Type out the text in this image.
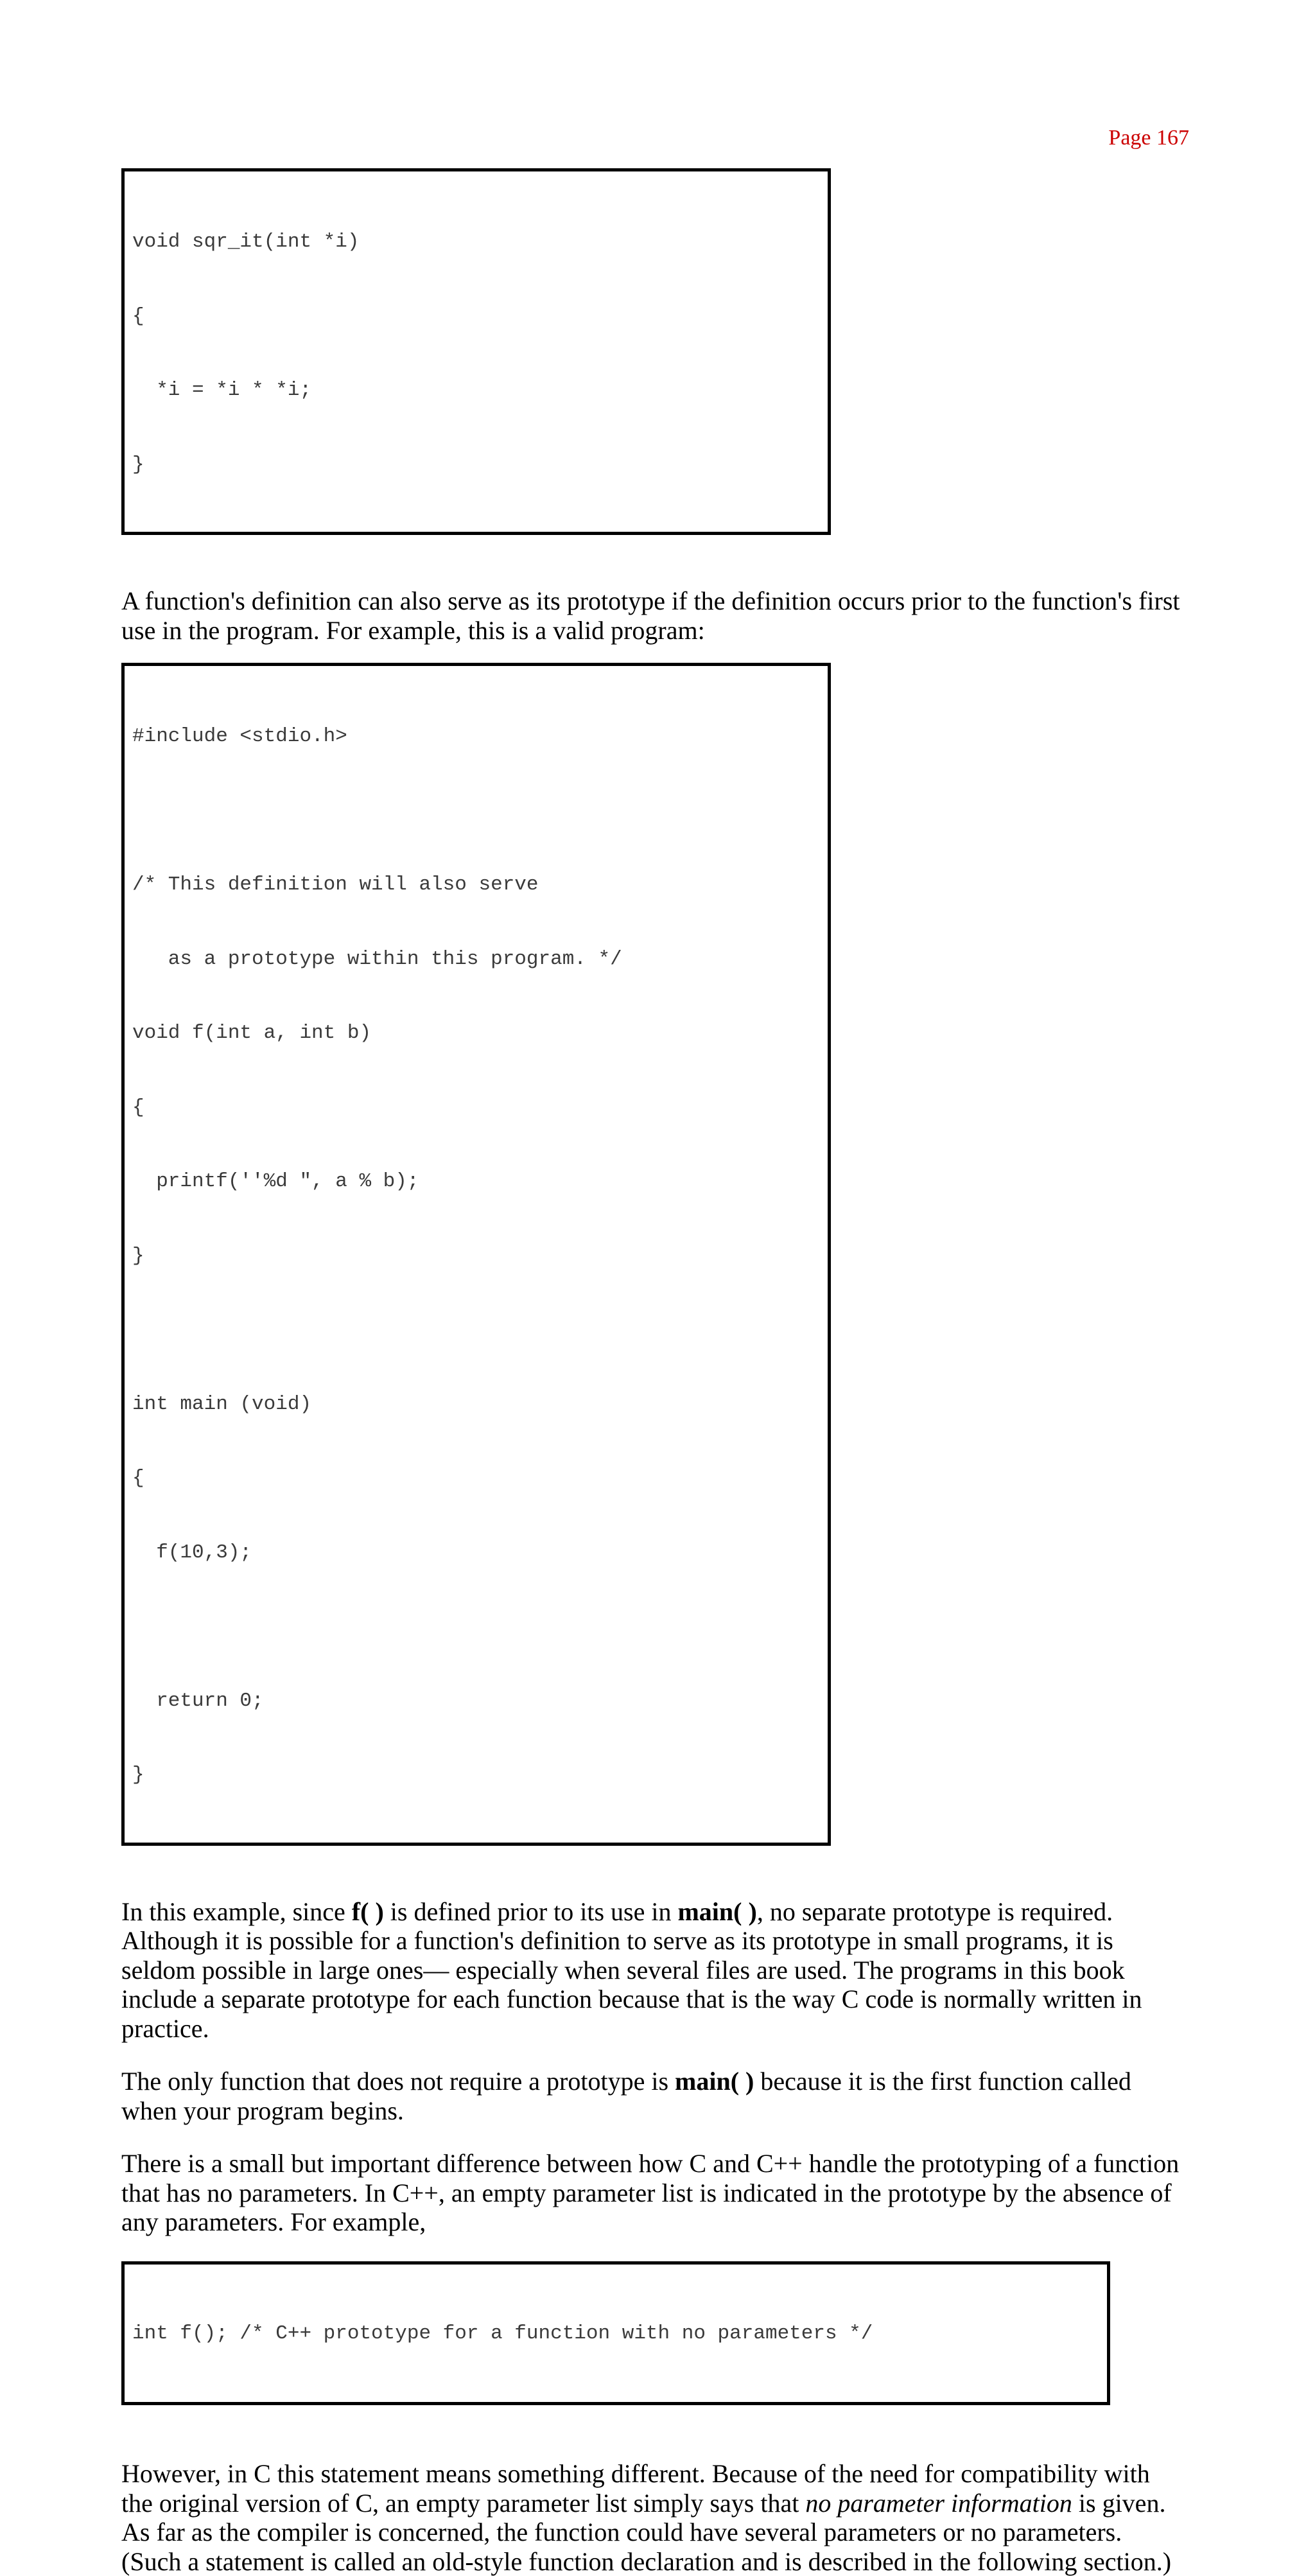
Page 167

void sqr_it(int *i)

{

*i = *i * *i;

}

A function's definition can also serve as its prototype if the definition occurs prior to the function's first use in the program. For example, this is a valid program:

#include <stdio.h>

/* This definition will also serve

as a prototype within this program. */

void f(int a, int b)

{

printf(''%d ", a % b);

}

int main (void)

{

f(10,3);

return 0;

}

In this example, since f( ) is defined prior to its use in main( ), no separate prototype is required. Although it is possible for a function's definition to serve as its prototype in small programs, it is seldom possible in large ones— especially when several files are used. The programs in this book include a separate prototype for each function because that is the way C code is normally written in practice.

The only function that does not require a prototype is main( ) because it is the first function called when your program begins.

There is a small but important difference between how C and C++ handle the prototyping of a function that has no parameters. In C++, an empty parameter list is indicated in the prototype by the absence of any parameters. For example,

int f(); /* C++ prototype for a function with no parameters */

However, in C this statement means something different. Because of the need for compatibility with the original version of C, an empty parameter list simply says that no parameter information is given. As far as the compiler is concerned, the function could have several parameters or no parameters. (Such a statement is called an old-style function declaration and is described in the following section.)
